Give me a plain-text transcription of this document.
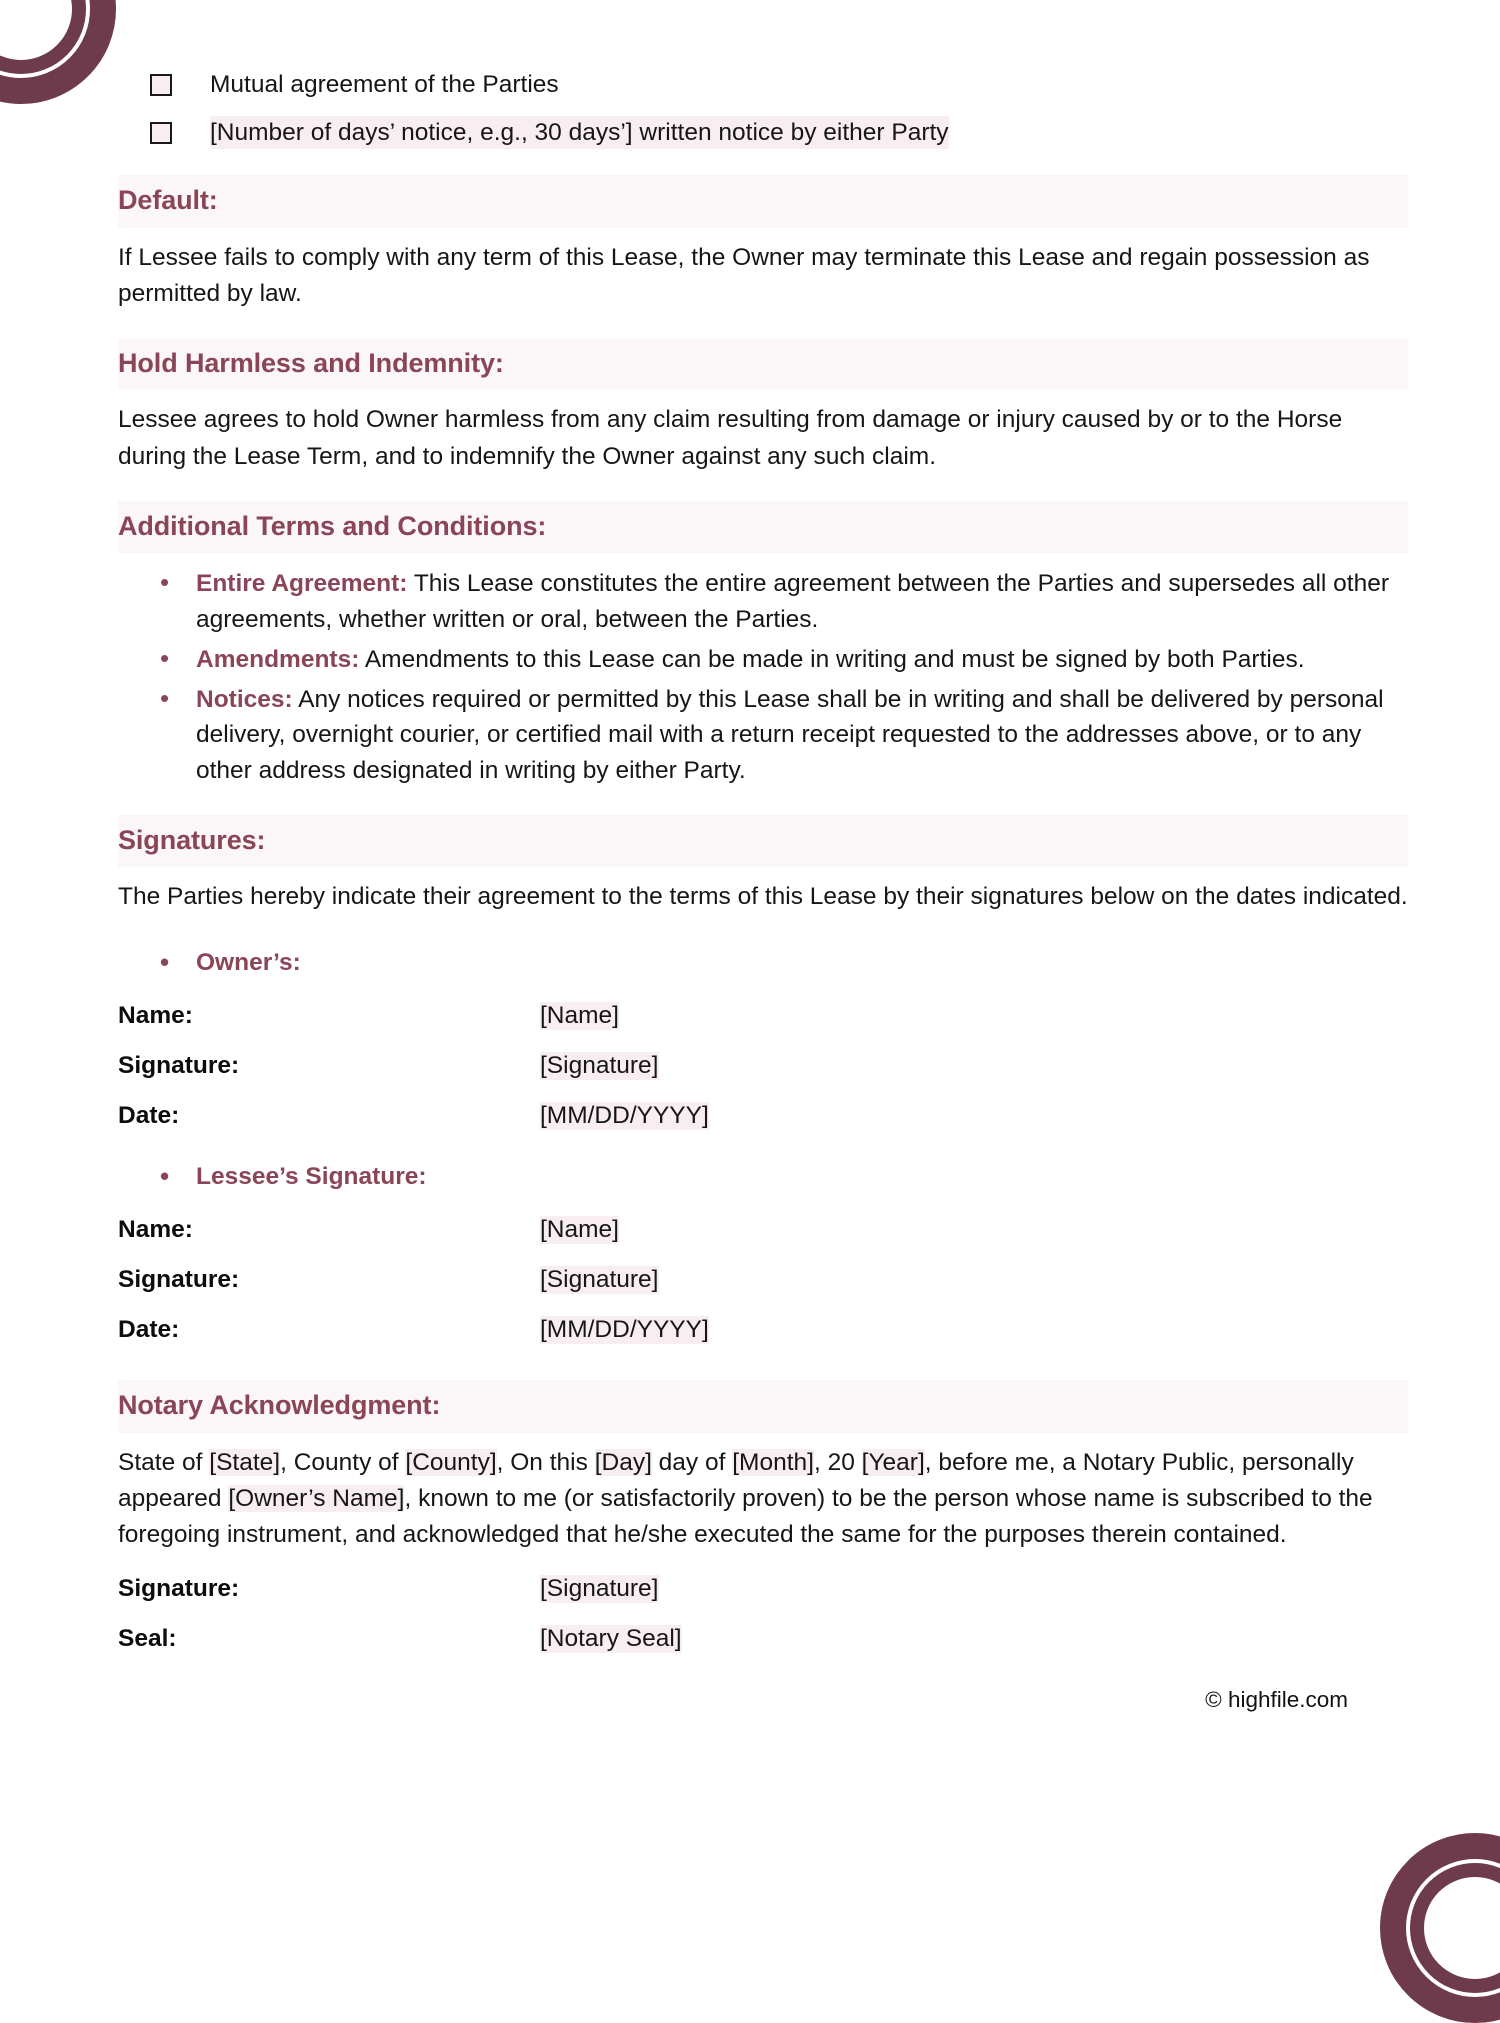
Mutual agreement of the Parties
[Number of days’ notice, e.g., 30 days’] written notice by either Party
Default:

If Lessee fails to comply with any term of this Lease, the Owner may terminate this Lease and regain possession as permitted by law.

Hold Harmless and Indemnity:

Lessee agrees to hold Owner harmless from any claim resulting from damage or injury caused by or to the Horse during the Lease Term, and to indemnify the Owner against any such claim.

Additional Terms and Conditions:
• Entire Agreement: This Lease constitutes the entire agreement between the Parties and supersedes all other agreements, whether written or oral, between the Parties.
• Amendments: Amendments to this Lease can be made in writing and must be signed by both Parties.
• Notices: Any notices required or permitted by this Lease shall be in writing and shall be delivered by personal delivery, overnight courier, or certified mail with a return receipt requested to the addresses above, or to any other address designated in writing by either Party.
Signatures:

The Parties hereby indicate their agreement to the terms of this Lease by their signatures below on the dates indicated.

• Owner’s:
Name:	[Name]
Signature:	[Signature]
Date:	[MM/DD/YYYY]
• Lessee’s Signature:
Name:	[Name]
Signature:	[Signature]
Date:	[MM/DD/YYYY]
Notary Acknowledgment:

State of [State], County of [County], On this [Day] day of [Month], 20 [Year], before me, a Notary Public, personally appeared [Owner’s Name], known to me (or satisfactorily proven) to be the person whose name is subscribed to the foregoing instrument, and acknowledged that he/she executed the same for the purposes therein contained.

Signature:	[Signature]
Seal:	[Notary Seal]
© highfile.com
